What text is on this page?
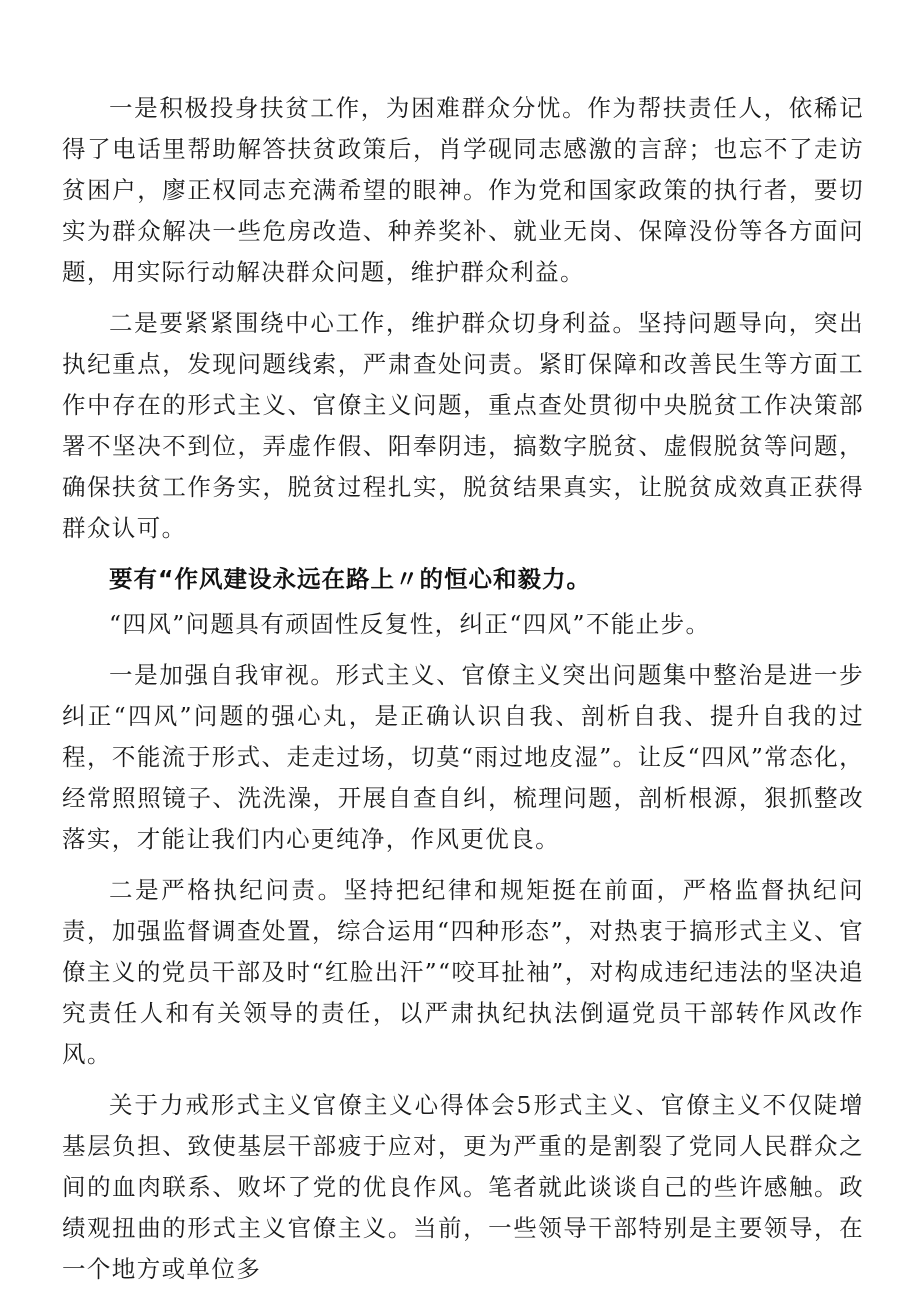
一是积极投身扶贫工作，为困难群众分忧。作为帮扶责任人，依稀记得了电话里帮助解答扶贫政策后，肖学砚同志感激的言辞；也忘不了走访贫困户，廖正权同志充满希望的眼神。作为党和国家政策的执行者，要切实为群众解决一些危房改造、种养奖补、就业无岗、保障没份等各方面问题，用实际行动解决群众问题，维护群众利益。

二是要紧紧围绕中心工作，维护群众切身利益。坚持问题导向，突出执纪重点，发现问题线索，严肃查处问责。紧盯保障和改善民生等方面工作中存在的形式主义、官僚主义问题，重点查处贯彻中央脱贫工作决策部署不坚决不到位，弄虚作假、阳奉阴违，搞数字脱贫、虚假脱贫等问题，确保扶贫工作务实，脱贫过程扎实，脱贫结果真实，让脱贫成效真正获得群众认可。

要有“作风建设永远在路上〃的恒心和毅力。

“四风”问题具有顽固性反复性，纠正“四风”不能止步。

一是加强自我审视。形式主义、官僚主义突出问题集中整治是进一步纠正“四风”问题的强心丸，是正确认识自我、剖析自我、提升自我的过程，不能流于形式、走走过场，切莫“雨过地皮湿”。让反“四风”常态化，经常照照镜子、洗洗澡，开展自查自纠，梳理问题，剖析根源，狠抓整改落实，才能让我们内心更纯净，作风更优良。

二是严格执纪问责。坚持把纪律和规矩挺在前面，严格监督执纪问责，加强监督调查处置，综合运用“四种形态”，对热衷于搞形式主义、官僚主义的党员干部及时“红脸出汗”“咬耳扯袖”，对构成违纪违法的坚决追究责任人和有关领导的责任，以严肃执纪执法倒逼党员干部转作风改作风。

关于力戒形式主义官僚主义心得体会5形式主义、官僚主义不仅陡增基层负担、致使基层干部疲于应对，更为严重的是割裂了党同人民群众之间的血肉联系、败坏了党的优良作风。笔者就此谈谈自己的些许感触。政绩观扭曲的形式主义官僚主义。当前，一些领导干部特别是主要领导，在一个地方或单位多
